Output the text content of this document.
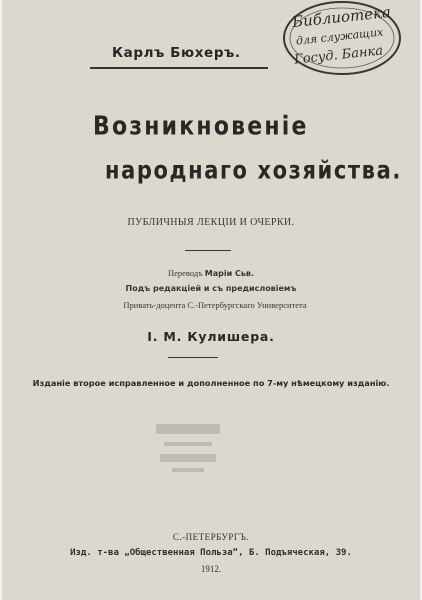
Библиотека
для служащих
Госуд. Банка
Карлъ Бюхеръ.
Возникновеніе
народнаго хозяйства.
ПУБЛИЧНЫЯ ЛЕКЦІИ И ОЧЕРКИ.
Переводъ Маріи Сьв.
Подъ редакціей и съ предисловіемъ
Привать-доцента С.-Петербургскаго Университета
І. М. Кулишера.
Изданіе второе исправленное и дополненное по 7-му нѣмецкому изданію.
С.-ПЕТЕРБУРГЪ.
Изд. т-ва „Общественная Польза“, Б. Подъяческая, 39.
1912.
